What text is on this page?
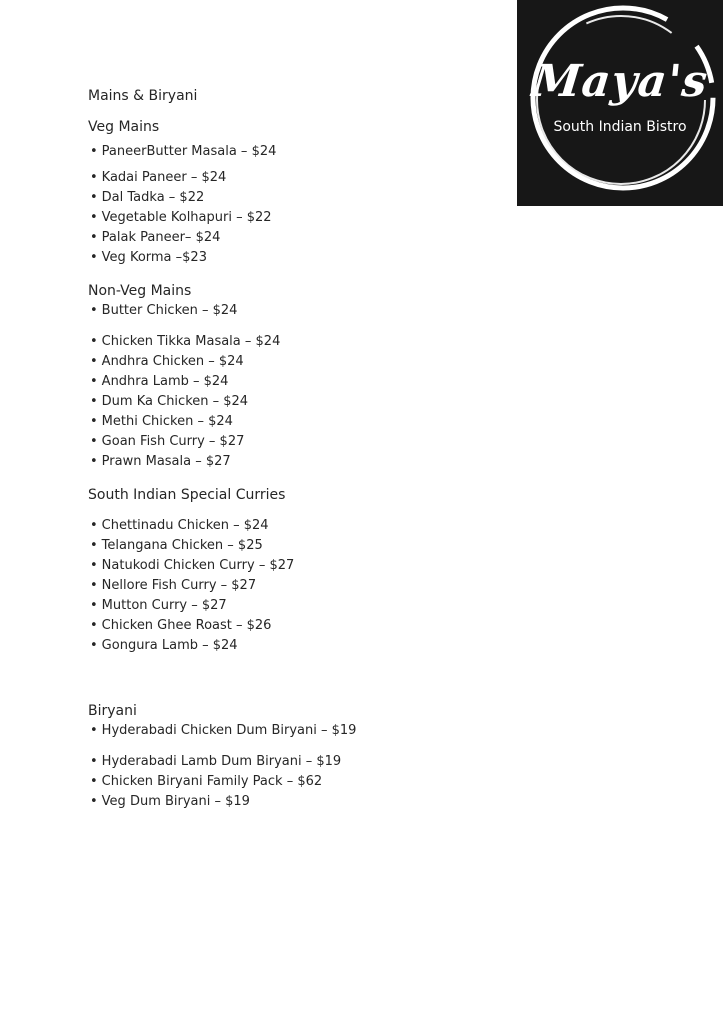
Maya's
South Indian Bistro
Mains & Biryani
Veg Mains
• PaneerButter Masala – $24
• Kadai Paneer – $24
• Dal Tadka – $22
• Vegetable Kolhapuri – $22
• Palak Paneer– $24
• Veg Korma –$23
Non-Veg Mains
• Butter Chicken – $24
• Chicken Tikka Masala – $24
• Andhra Chicken – $24
• Andhra Lamb – $24
• Dum Ka Chicken – $24
• Methi Chicken – $24
• Goan Fish Curry – $27
• Prawn Masala – $27
South Indian Special Curries
• Chettinadu Chicken – $24
• Telangana Chicken – $25
• Natukodi Chicken Curry – $27
• Nellore Fish Curry – $27
• Mutton Curry – $27
• Chicken Ghee Roast – $26
• Gongura Lamb – $24
Biryani
• Hyderabadi Chicken Dum Biryani – $19
• Hyderabadi Lamb Dum Biryani – $19
• Chicken Biryani Family Pack – $62
• Veg Dum Biryani – $19
